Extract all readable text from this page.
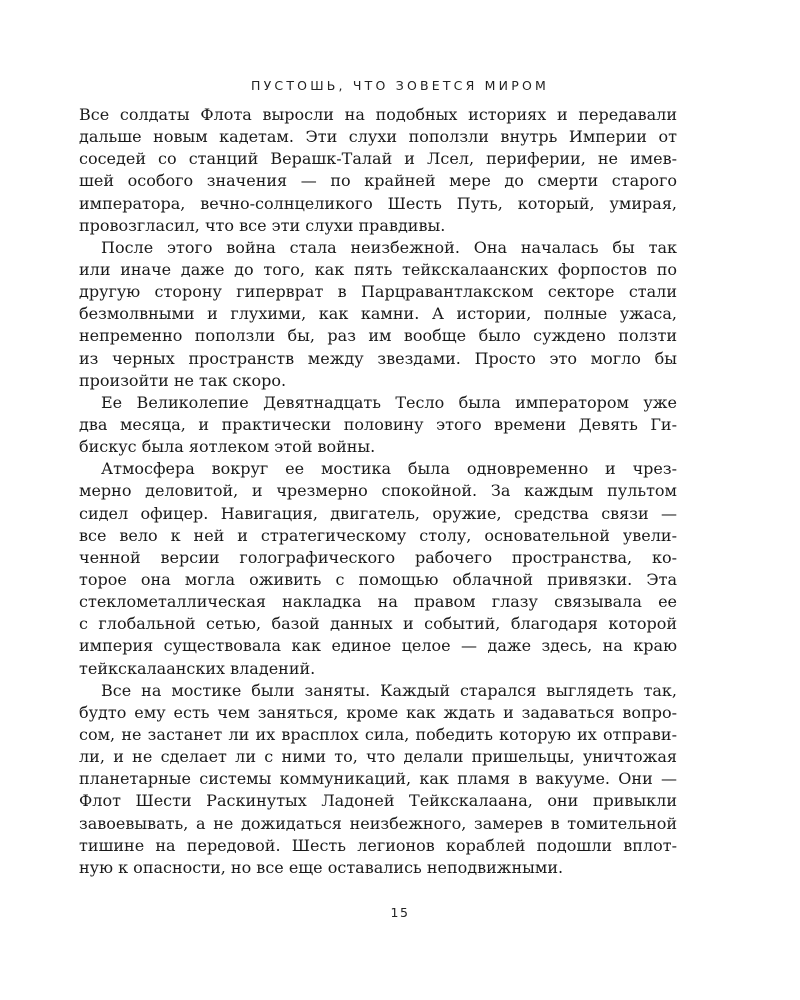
ПУСТОШЬ, ЧТО ЗОВЕТСЯ МИРОМ
Все солдаты Флота выросли на подобных историях и передавали
дальше новым кадетам. Эти слухи поползли внутрь Империи от
соседей со станций Верашк-Талай и Лсел, периферии, не имев-
шей особого значения — по крайней мере до смерти старого
императора, вечно-солнцеликого Шесть Путь, который, умирая,
провозгласил, что все эти слухи правдивы.
После этого война стала неизбежной. Она началась бы так
или иначе даже до того, как пять тейкскалаанских форпостов по
другую сторону гиперврат в Парцравантлакском секторе стали
безмолвными и глухими, как камни. А истории, полные ужаса,
непременно поползли бы, раз им вообще было суждено ползти
из черных пространств между звездами. Просто это могло бы
произойти не так скоро.
Ее Великолепие Девятнадцать Тесло была императором уже
два месяца, и практически половину этого времени Девять Ги-
бискус была яотлеком этой войны.
Атмосфера вокруг ее мостика была одновременно и чрез-
мерно деловитой, и чрезмерно спокойной. За каждым пультом
сидел офицер. Навигация, двигатель, оружие, средства связи —
все вело к ней и стратегическому столу, основательной увели-
ченной версии голографического рабочего пространства, ко-
торое она могла оживить с помощью облачной привязки. Эта
стеклометаллическая накладка на правом глазу связывала ее
с глобальной сетью, базой данных и событий, благодаря которой
империя существовала как единое целое — даже здесь, на краю
тейкскалаанских владений.
Все на мостике были заняты. Каждый старался выглядеть так,
будто ему есть чем заняться, кроме как ждать и задаваться вопро-
сом, не застанет ли их врасплох сила, победить которую их отправи-
ли, и не сделает ли с ними то, что делали пришельцы, уничтожая
планетарные системы коммуникаций, как пламя в вакууме. Они —
Флот Шести Раскинутых Ладоней Тейкскалаана, они привыкли
завоевывать, а не дожидаться неизбежного, замерев в томительной
тишине на передовой. Шесть легионов кораблей подошли вплот-
ную к опасности, но все еще оставались неподвижными.
15
